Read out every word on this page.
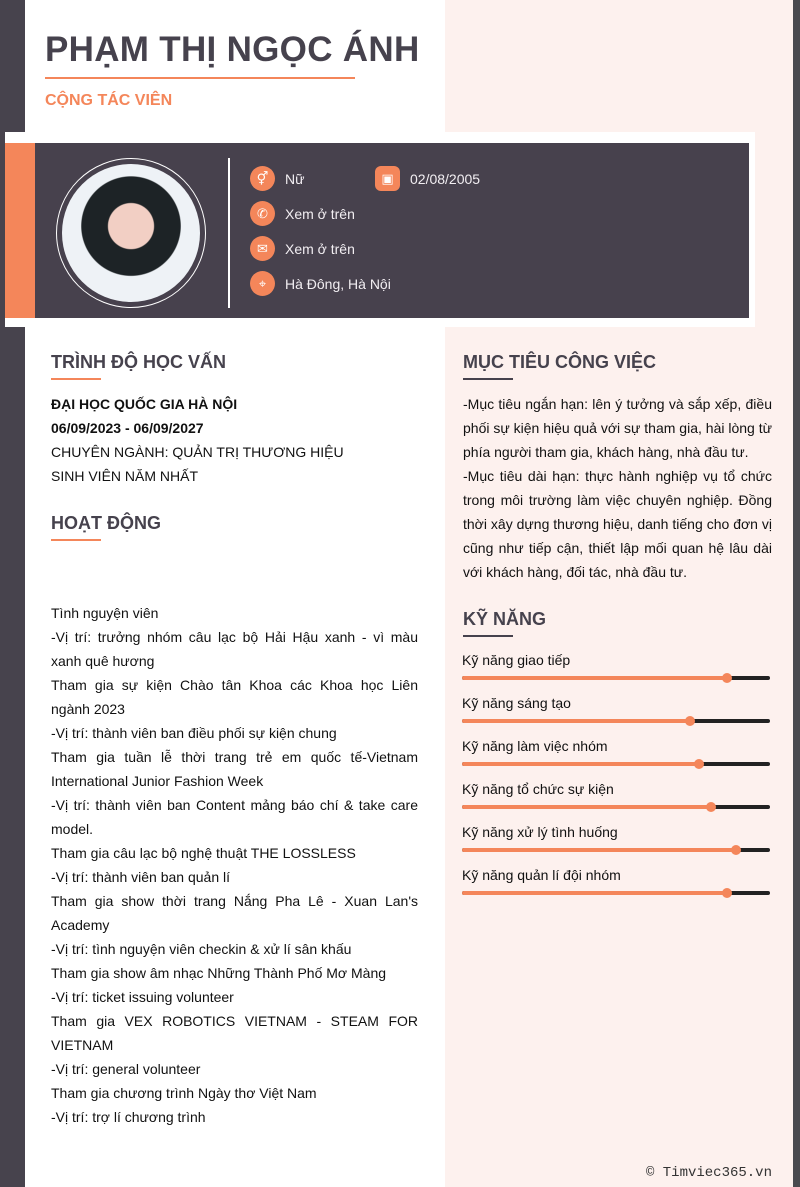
PHẠM THỊ NGỌC ÁNH
CỘNG TÁC VIÊN
⚥	Nữ	▣	02/08/2005
✆	Xem ở trên
✉	Xem ở trên
⌖	Hà Đông, Hà Nội
TRÌNH ĐỘ HỌC VẤN
ĐẠI HỌC QUỐC GIA HÀ NỘI
06/09/2023 - 06/09/2027
CHUYÊN NGÀNH: QUẢN TRỊ THƯƠNG HIỆU
SINH VIÊN NĂM NHẤT
HOẠT ĐỘNG

Tình nguyện viên

-Vị trí: trưởng nhóm câu lạc bộ Hải Hậu xanh - vì màu xanh quê hương

Tham gia sự kiện Chào tân Khoa các Khoa học Liên ngành 2023

-Vị trí: thành viên ban điều phối sự kiện chung

Tham gia tuần lễ thời trang trẻ em quốc tế-Vietnam International Junior Fashion Week

-Vị trí: thành viên ban Content mảng báo chí & take care model.

Tham gia câu lạc bộ nghệ thuật THE LOSSLESS

-Vị trí: thành viên ban quản lí

Tham gia show thời trang Nắng Pha Lê - Xuan Lan's Academy

-Vị trí: tình nguyện viên checkin & xử lí sân khấu

Tham gia show âm nhạc Những Thành Phố Mơ Màng

-Vị trí: ticket issuing volunteer

Tham gia VEX ROBOTICS VIETNAM - STEAM FOR VIETNAM

-Vị trí: general volunteer

Tham gia chương trình Ngày thơ Việt Nam

-Vị trí: trợ lí chương trình

MỤC TIÊU CÔNG VIỆC

-Mục tiêu ngắn hạn: lên ý tưởng và sắp xếp, điều phối sự kiện hiệu quả với sự tham gia, hài lòng từ phía người tham gia, khách hàng, nhà đầu tư.

-Mục tiêu dài hạn: thực hành nghiệp vụ tổ chức trong môi trường làm việc chuyên nghiệp. Đồng thời xây dựng thương hiệu, danh tiếng cho đơn vị cũng như tiếp cận, thiết lập mối quan hệ lâu dài với khách hàng, đối tác, nhà đầu tư.

KỸ NĂNG
Kỹ năng giao tiếp
Kỹ năng sáng tạo
Kỹ năng làm việc nhóm
Kỹ năng tổ chức sự kiện
Kỹ năng xử lý tình huống
Kỹ năng quản lí đội nhóm
© Timviec365.vn
